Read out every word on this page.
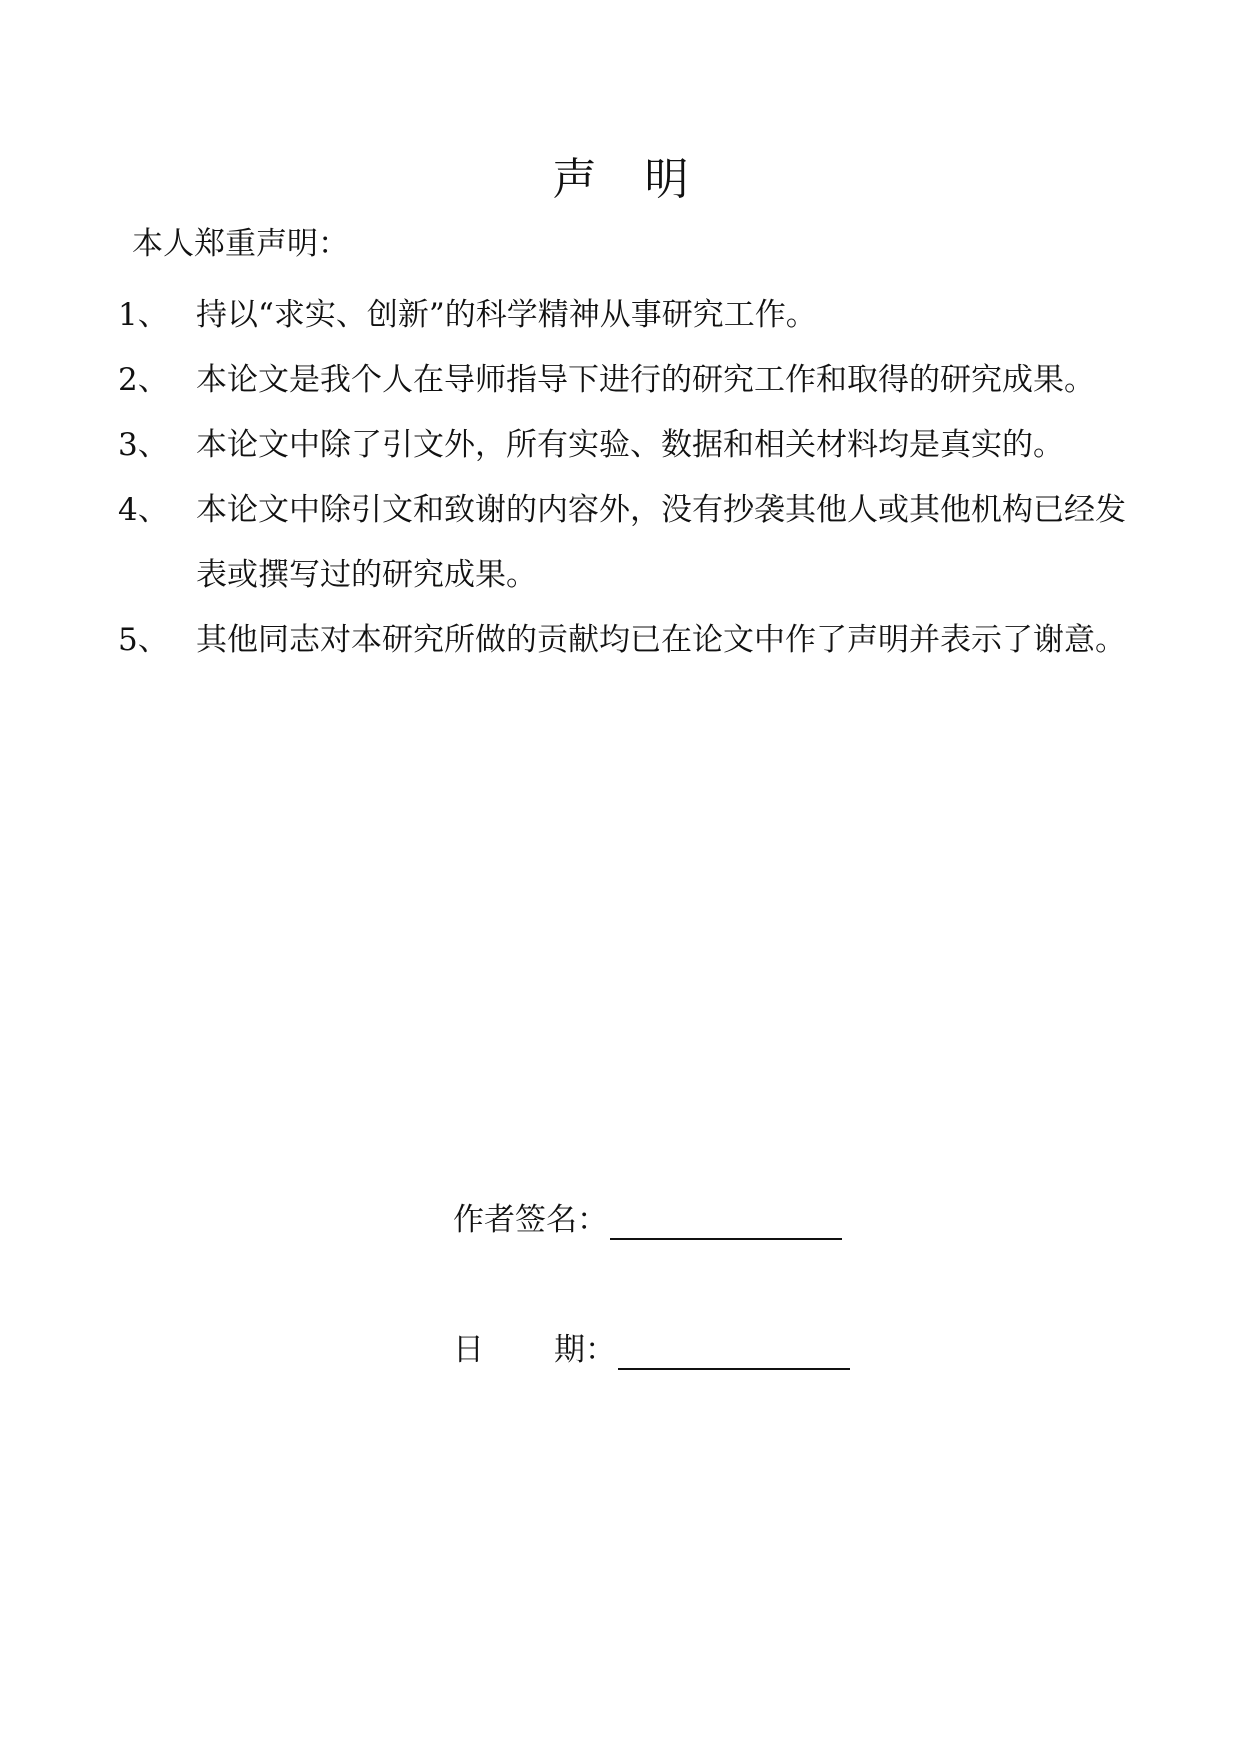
声 明
本人郑重声明：
1、 持以“求实、创新”的科学精神从事研究工作。
2、 本论文是我个人在导师指导下进行的研究工作和取得的研究成果。
3、 本论文中除了引文外，所有实验、数据和相关材料均是真实的。
4、 本论文中除引文和致谢的内容外，没有抄袭其他人或其他机构已经发表或撰写过的研究成果。
5、 其他同志对本研究所做的贡献均已在论文中作了声明并表示了谢意。
作者签名：
日 期：
